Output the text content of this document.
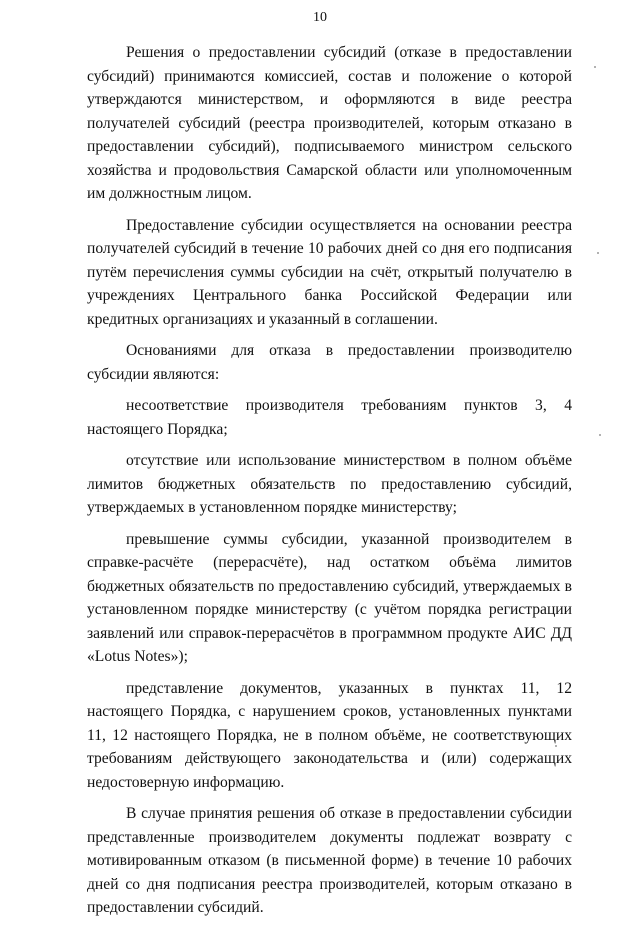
10

Решения о предоставлении субсидий (отказе в предоставлении субсидий) принимаются комиссией, состав и положение о которой утверждаются министерством, и оформляются в виде реестра получателей субсидий (реестра производителей, которым отказано в предоставлении субсидий), подписываемого министром сельского хозяйства и продовольствия Самарской области или уполномоченным им должностным лицом.

Предоставление субсидии осуществляется на основании реестра получателей субсидий в течение 10 рабочих дней со дня его подписания путём перечисления суммы субсидии на счёт, открытый получателю в учреждениях Центрального банка Российской Федерации или кредитных организациях и указанный в соглашении.

Основаниями для отказа в предоставлении производителю субсидии являются:

несоответствие производителя требованиям пунктов 3, 4 настоящего Порядка;

отсутствие или использование министерством в полном объёме лимитов бюджетных обязательств по предоставлению субсидий, утверждаемых в установленном порядке министерству;

превышение суммы субсидии, указанной производителем в справке-расчёте (перерасчёте), над остатком объёма лимитов бюджетных обязательств по предоставлению субсидий, утверждаемых в установленном порядке министерству (с учётом порядка регистрации заявлений или справок-перерасчётов в программном продукте АИС ДД «Lotus Notes»);

представление документов, указанных в пунктах 11, 12 настоящего Порядка, с нарушением сроков, установленных пунктами 11, 12 настоящего Порядка, не в полном объёме, не соответствующих требованиям действующего законодательства и (или) содержащих недостоверную информацию.

В случае принятия решения об отказе в предоставлении субсидии представленные производителем документы подлежат возврату с мотивированным отказом (в письменной форме) в течение 10 рабочих дней со дня подписания реестра производителей, которым отказано в предоставлении субсидий.
